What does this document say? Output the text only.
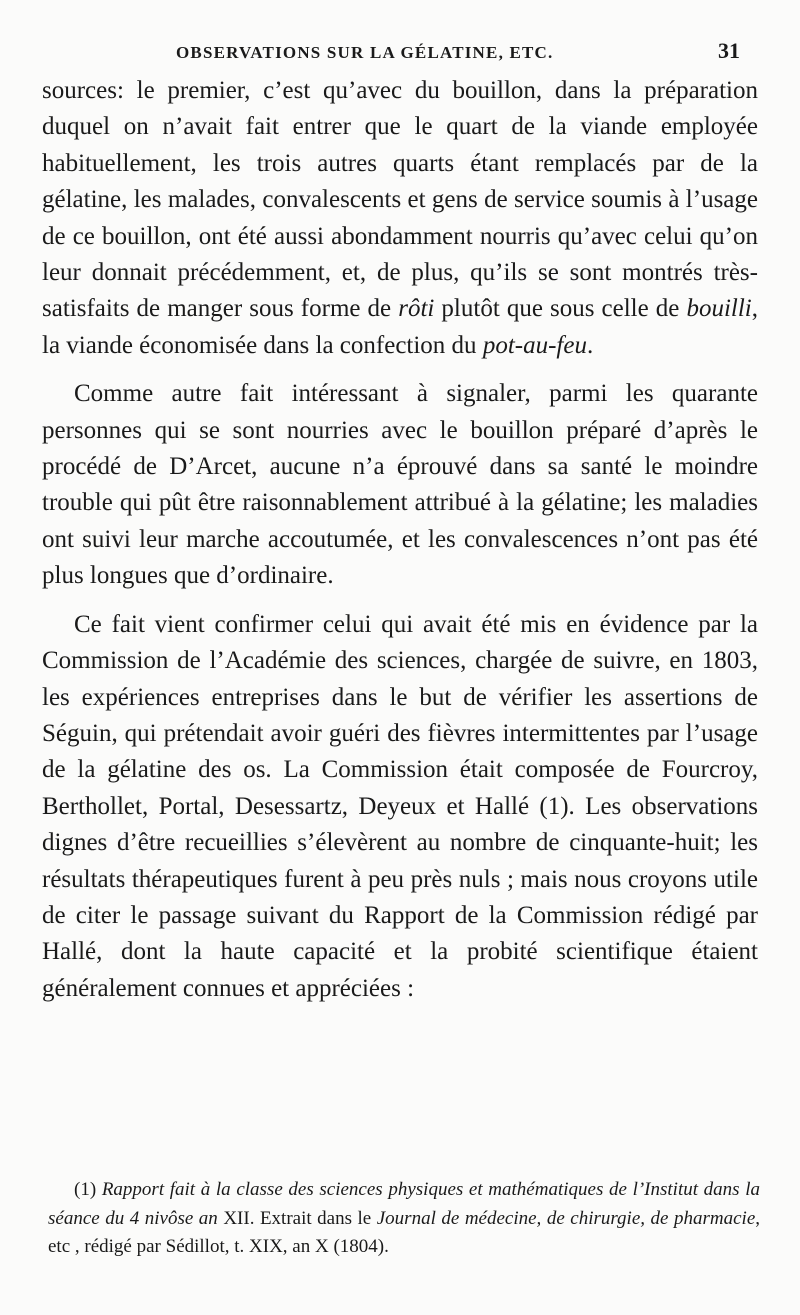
OBSERVATIONS SUR LA GÉLATINE, ETC.	31

sources: le premier, c’est qu’avec du bouillon, dans la préparation duquel on n’avait fait entrer que le quart de la viande employée habituellement, les trois autres quarts étant remplacés par de la gélatine, les malades, convalescents et gens de service soumis à l’usage de ce bouillon, ont été aussi abondamment nourris qu’avec celui qu’on leur donnait précédemment, et, de plus, qu’ils se sont montrés très-satisfaits de manger sous forme de rôti plutôt que sous celle de bouilli, la viande économisée dans la confection du pot-au-feu.

Comme autre fait intéressant à signaler, parmi les quarante personnes qui se sont nourries avec le bouillon préparé d’après le procédé de D’Arcet, aucune n’a éprouvé dans sa santé le moindre trouble qui pût être raisonnablement attribué à la gélatine; les maladies ont suivi leur marche accoutumée, et les convalescences n’ont pas été plus longues que d’ordinaire.

Ce fait vient confirmer celui qui avait été mis en évidence par la Commission de l’Académie des sciences, chargée de suivre, en 1803, les expériences entreprises dans le but de vérifier les assertions de Séguin, qui prétendait avoir guéri des fièvres intermittentes par l’usage de la gélatine des os. La Commission était composée de Fourcroy, Berthollet, Portal, Desessartz, Deyeux et Hallé (1). Les observations dignes d’être recueillies s’élevèrent au nombre de cinquante-huit; les résultats thérapeutiques furent à peu près nuls ; mais nous croyons utile de citer le passage suivant du Rapport de la Commission rédigé par Hallé, dont la haute capacité et la probité scientifique étaient généralement connues et appréciées :

(1) Rapport fait à la classe des sciences physiques et mathématiques de l’Institut dans la séance du 4 nivôse an XII. Extrait dans le Journal de médecine, de chirurgie, de pharmacie, etc , rédigé par Sédillot, t. XIX, an X (1804).
